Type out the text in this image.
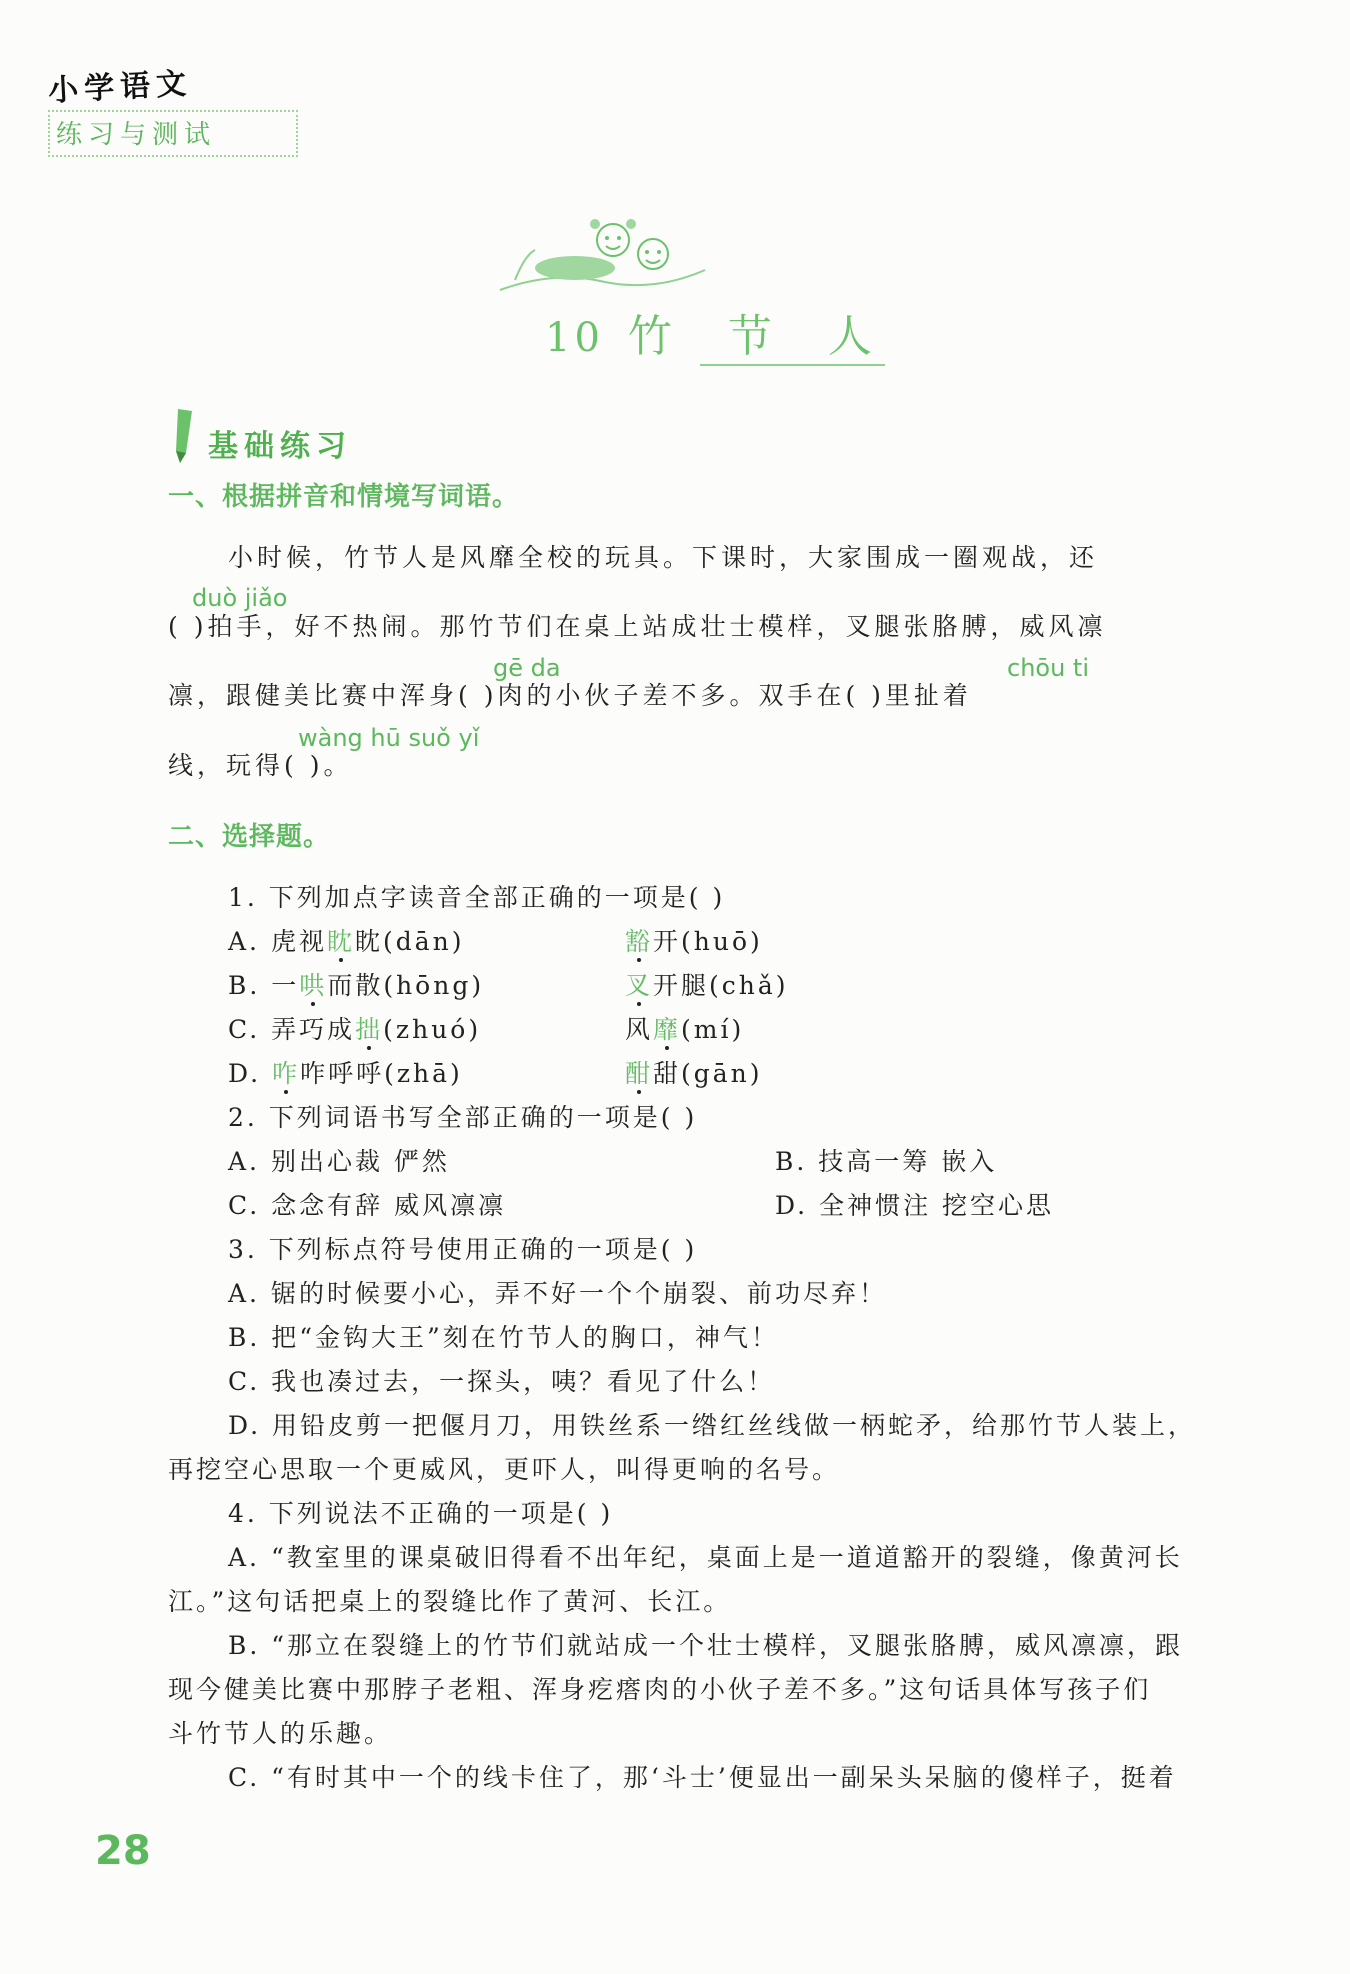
小学语文
练习与测试
10 竹 节 人
基础练习
一、根据拼音和情境写词语。
小时候，竹节人是风靡全校的玩具。下课时，大家围成一圈观战，还
duò jiǎo
( )拍手，好不热闹。那竹节们在桌上站成壮士模样，叉腿张胳膊，威风凛
gē da	chōu ti
凛，跟健美比赛中浑身( )肉的小伙子差不多。双手在( )里扯着
wàng hū suǒ yǐ
线，玩得( )。
二、选择题。
1. 下列加点字读音全部正确的一项是( )
A. 虎视眈眈(dān)	豁开(huō)
B. 一哄而散(hōng)	叉开腿(chǎ)
C. 弄巧成拙(zhuó)	风靡(mí)
D. 咋咋呼呼(zhā)	酣甜(gān)
2. 下列词语书写全部正确的一项是( )
A. 别出心裁 俨然	B. 技高一筹 嵌入
C. 念念有辞 威风凛凛	D. 全神惯注 挖空心思
3. 下列标点符号使用正确的一项是( )
A. 锯的时候要小心，弄不好一个个崩裂、前功尽弃！
B. 把“金钩大王”刻在竹节人的胸口，神气！
C. 我也凑过去，一探头，咦？看见了什么！
D. 用铅皮剪一把偃月刀，用铁丝系一绺红丝线做一柄蛇矛，给那竹节人装上，
再挖空心思取一个更威风，更吓人，叫得更响的名号。
4. 下列说法不正确的一项是( )
A. “教室里的课桌破旧得看不出年纪，桌面上是一道道豁开的裂缝，像黄河长
江。”这句话把桌上的裂缝比作了黄河、长江。
B. “那立在裂缝上的竹节们就站成一个壮士模样，叉腿张胳膊，威风凛凛，跟
现今健美比赛中那脖子老粗、浑身疙瘩肉的小伙子差不多。”这句话具体写孩子们
斗竹节人的乐趣。
C. “有时其中一个的线卡住了，那‘斗士’便显出一副呆头呆脑的傻样子，挺着
28
